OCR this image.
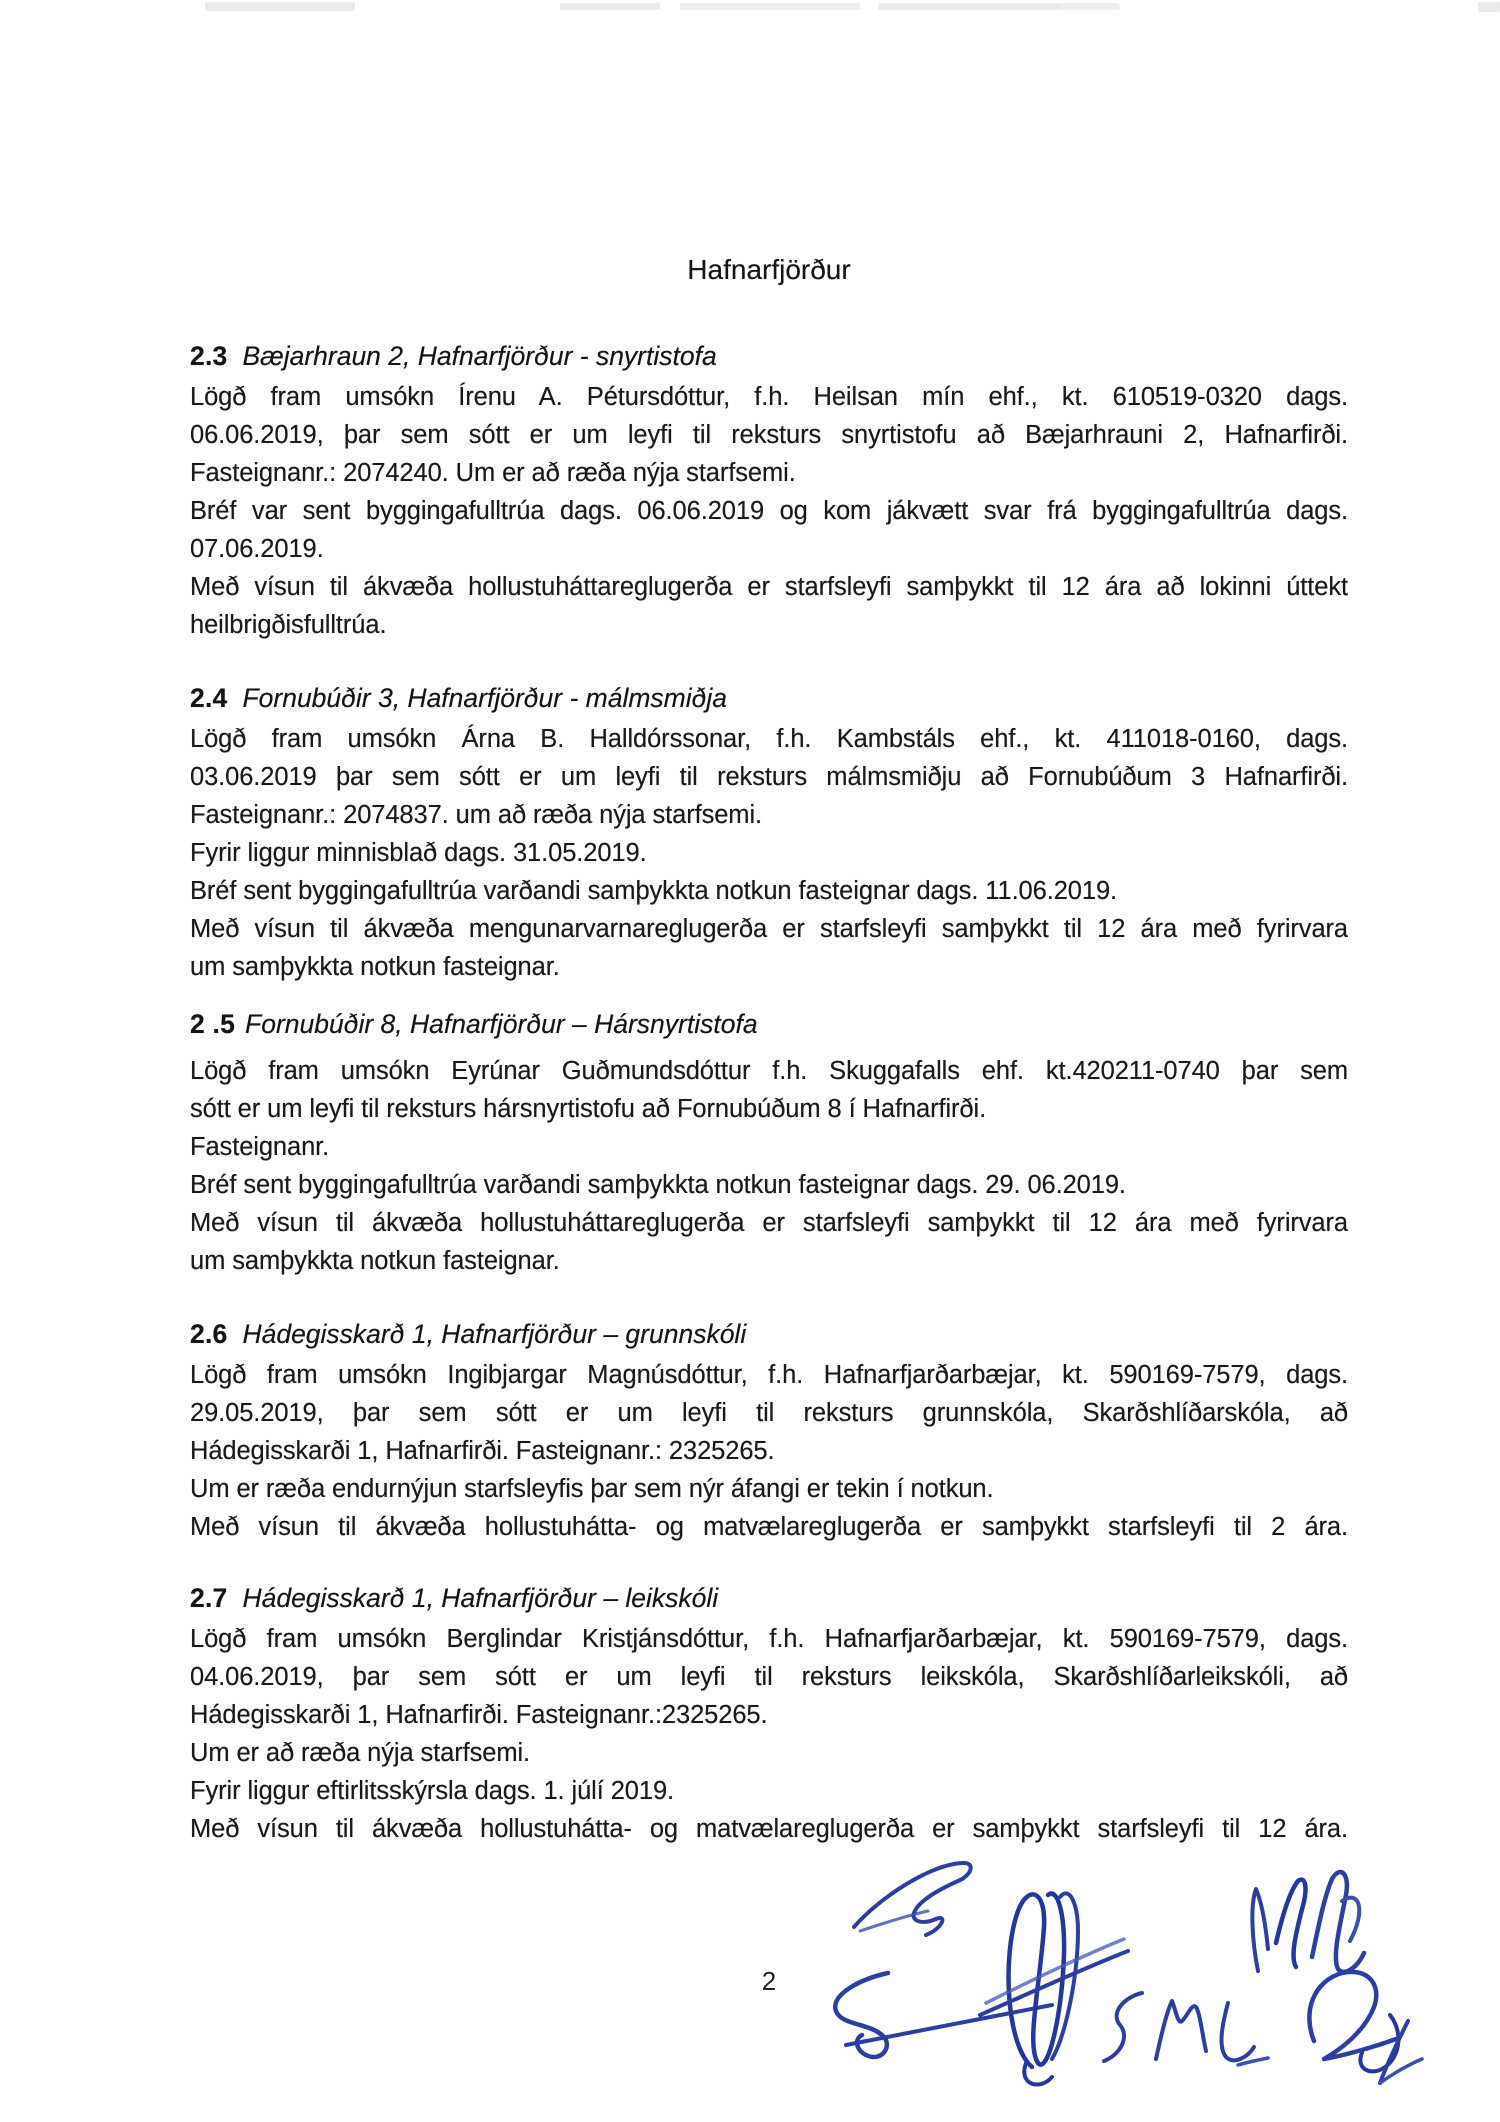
Hafnarfjörður
2.3 Bæjarhraun 2, Hafnarfjörður - snyrtistofa
Lögð fram umsókn Írenu A. Pétursdóttur, f.h. Heilsan mín ehf., kt. 610519-0320 dags.
06.06.2019, þar sem sótt er um leyfi til reksturs snyrtistofu að Bæjarhrauni 2, Hafnarfirði.
Fasteignanr.: 2074240. Um er að ræða nýja starfsemi.
Bréf var sent byggingafulltrúa dags. 06.06.2019 og kom jákvætt svar frá byggingafulltrúa dags.
07.06.2019.
Með vísun til ákvæða hollustuháttareglugerða er starfsleyfi samþykkt til 12 ára að lokinni úttekt
heilbrigðisfulltrúa.
2.4 Fornubúðir 3, Hafnarfjörður - málmsmiðja
Lögð fram umsókn Árna B. Halldórssonar, f.h. Kambstáls ehf., kt. 411018-0160, dags.
03.06.2019 þar sem sótt er um leyfi til reksturs málmsmiðju að Fornubúðum 3 Hafnarfirði.
Fasteignanr.: 2074837. um að ræða nýja starfsemi.
Fyrir liggur minnisblað dags. 31.05.2019.
Bréf sent byggingafulltrúa varðandi samþykkta notkun fasteignar dags. 11.06.2019.
Með vísun til ákvæða mengunarvarnareglugerða er starfsleyfi samþykkt til 12 ára með fyrirvara
um samþykkta notkun fasteignar.
2 .5 Fornubúðir 8, Hafnarfjörður – Hársnyrtistofa
Lögð fram umsókn Eyrúnar Guðmundsdóttur f.h. Skuggafalls ehf. kt.420211-0740 þar sem
sótt er um leyfi til reksturs hársnyrtistofu að Fornubúðum 8 í Hafnarfirði.
Fasteignanr.
Bréf sent byggingafulltrúa varðandi samþykkta notkun fasteignar dags. 29. 06.2019.
Með vísun til ákvæða hollustuháttareglugerða er starfsleyfi samþykkt til 12 ára með fyrirvara
um samþykkta notkun fasteignar.
2.6 Hádegisskarð 1, Hafnarfjörður – grunnskóli
Lögð fram umsókn Ingibjargar Magnúsdóttur, f.h. Hafnarfjarðarbæjar, kt. 590169-7579, dags.
29.05.2019, þar sem sótt er um leyfi til reksturs grunnskóla, Skarðshlíðarskóla, að
Hádegisskarði 1, Hafnarfirði. Fasteignanr.: 2325265.
Um er ræða endurnýjun starfsleyfis þar sem nýr áfangi er tekin í notkun.
Með vísun til ákvæða hollustuhátta- og matvælareglugerða er samþykkt starfsleyfi til 2 ára.
2.7 Hádegisskarð 1, Hafnarfjörður – leikskóli
Lögð fram umsókn Berglindar Kristjánsdóttur, f.h. Hafnarfjarðarbæjar, kt. 590169-7579, dags.
04.06.2019, þar sem sótt er um leyfi til reksturs leikskóla, Skarðshlíðarleikskóli, að
Hádegisskarði 1, Hafnarfirði. Fasteignanr.:2325265.
Um er að ræða nýja starfsemi.
Fyrir liggur eftirlitsskýrsla dags. 1. júlí 2019.
Með vísun til ákvæða hollustuhátta- og matvælareglugerða er samþykkt starfsleyfi til 12 ára.
2
